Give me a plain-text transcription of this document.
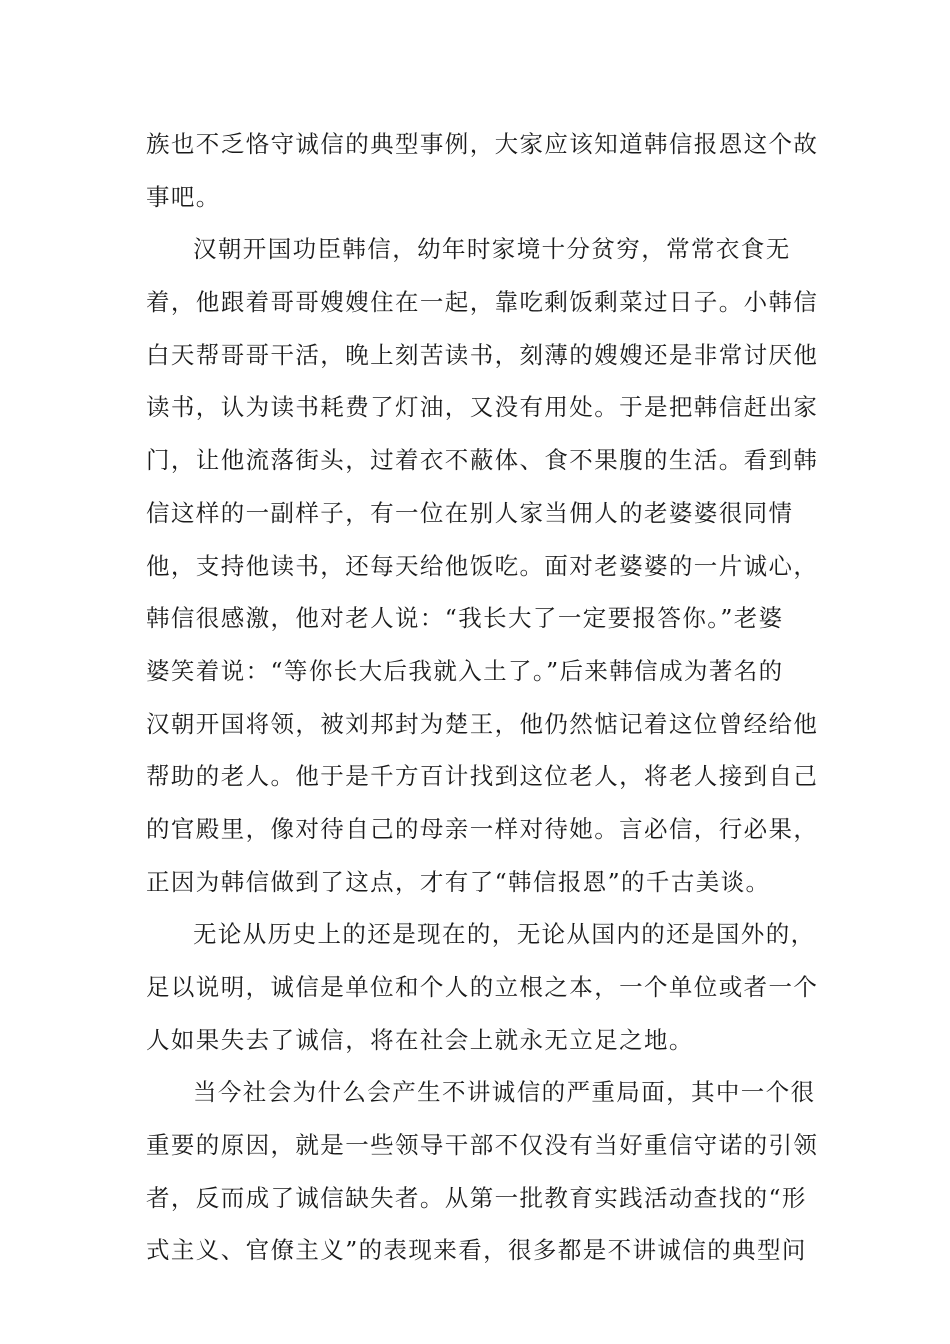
族也不乏恪守诚信的典型事例，大家应该知道韩信报恩这个故
事吧。
汉朝开国功臣韩信，幼年时家境十分贫穷，常常衣食无
着，他跟着哥哥嫂嫂住在一起，靠吃剩饭剩菜过日子。小韩信
白天帮哥哥干活，晚上刻苦读书，刻薄的嫂嫂还是非常讨厌他
读书，认为读书耗费了灯油，又没有用处。于是把韩信赶出家
门，让他流落街头，过着衣不蔽体、食不果腹的生活。看到韩
信这样的一副样子，有一位在别人家当佣人的老婆婆很同情
他，支持他读书，还每天给他饭吃。面对老婆婆的一片诚心，
韩信很感激，他对老人说：“我长大了一定要报答你。”老婆
婆笑着说：“等你长大后我就入土了。”后来韩信成为著名的
汉朝开国将领，被刘邦封为楚王，他仍然惦记着这位曾经给他
帮助的老人。他于是千方百计找到这位老人，将老人接到自己
的官殿里，像对待自己的母亲一样对待她。言必信，行必果，
正因为韩信做到了这点，才有了“韩信报恩”的千古美谈。
无论从历史上的还是现在的，无论从国内的还是国外的，
足以说明，诚信是单位和个人的立根之本，一个单位或者一个
人如果失去了诚信，将在社会上就永无立足之地。
当今社会为什么会产生不讲诚信的严重局面，其中一个很
重要的原因，就是一些领导干部不仅没有当好重信守诺的引领
者，反而成了诚信缺失者。从第一批教育实践活动查找的“形
式主义、官僚主义”的表现来看，很多都是不讲诚信的典型问
